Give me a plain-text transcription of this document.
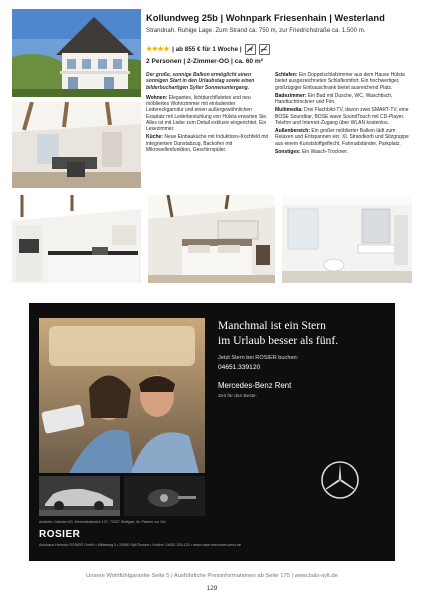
Kollundweg 25b | Wohnpark Friesenhain | Westerland
Strandnah. Ruhige Lage. Zum Strand ca. 750 m, zur Friedrichstraße ca. 1.500 m.
★★★★ | ab 855 € für 1 Woche |
2 Personen | 2-Zimmer-OG | ca. 60 m²

Der große, sonnige Balkon ermöglicht einen sonnigen Start in den Urlaubstag sowie einen bilderbuchartigen Sylter Sonnenuntergang.

Wohnen: Elegantes, lichtdurchflutetes und neu möbliertes Wohnzimmer mit einladender Ledereckgarnitur und einen außergewöhnlichen Essplatz mit Lederbestuhlung von Hülsta erwarten Sie. Alles ist mit Liebe zum Detail exklusiv eingerichtet. Ein Lesezimmer.

Küche: Neue Einbauküche mit Induktions-Kochfeld mit integriertem Dunstabzug, Backofen mit Mikrowellenfunktion, Geschirrspüler.

Schlafen: Ein Doppelschlafzimmer aus dem Hause Hülsta bietet ausgezeichneten Schlafkomfort. Ein hochwertiger, großzügiger Einbauschrank bietet ausreichend Platz.

Badezimmer: Ein Bad mit Dusche, WC, Waschtisch, Handtuchtrockner und Fön.

Multimedia: Drei Flachbild-TV, davon zwei SMART-TV, eine BOSE Soundbar, BOSE wave SoundTouch mit CD-Player. Telefon und Internet-Zugang über WLAN kostenlos.

Außenbereich: Ein großer möblierter Balkon lädt zum Relaxen und Entspannen ein: XL Strandkorb und Sitzgruppe aus einem Kunststoffgeflecht. Fahrradständer. Parkplatz.

Sonstiges: Ein Wasch-Trockner.

Manchmal ist ein Stern
im Urlaub besser als fünf.
Jetzt Stern bei ROSIER buchen:
04651.339120
Mercedes-Benz Rent
Zeit für das Beste.
Anbieter: Daimler AG, Mercedesstraße 137, 70327 Stuttgart, Ihr Partner vor Ort:
ROSIER
Autohaus Heinrich ROSIER GmbH • Mittelweg 3 • 25980 Sylt/Tinnum • Hotline: 04651.339-120 • www.rosier.mercedes-benz.de
Unsere Wohlfühlgarantie Seite 5 | Ausführliche Preisinformationen ab Seite 175 | www.bals-sylt.de
129
